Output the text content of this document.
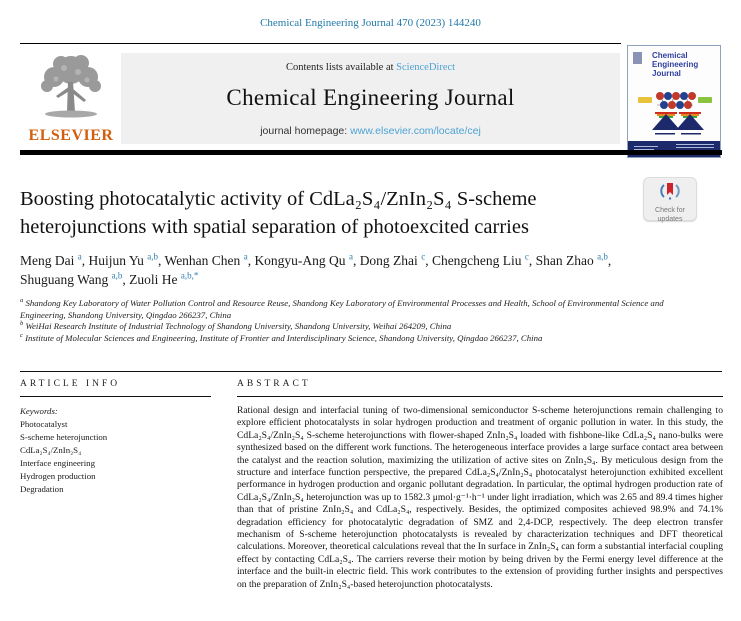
Chemical Engineering Journal 470 (2023) 144240
ELSEVIER
Contents lists available at ScienceDirect
Chemical Engineering Journal
journal homepage: www.elsevier.com/locate/cej
Chemical Engineering Journal
Check for
updates
Boosting photocatalytic activity of CdLa₂S₄/ZnIn₂S₄ S-scheme heterojunctions with spatial separation of photoexcited carries
Meng Dai $^a$, Huijun Yu $^{a,b}$, Wenhan Chen $^a$, Kongyu-Ang Qu $^a$, Dong Zhai $^c$, Chengcheng Liu $^c$, Shan Zhao $^{a,b}$, Shuguang Wang $^{a,b}$, Zuoli He $^{a,b,*}$
$^a$ Shandong Key Laboratory of Water Pollution Control and Resource Reuse, Shandong Key Laboratory of Environmental Processes and Health, School of Environmental Science and Engineering, Shandong University, Qingdao 266237, China
$^b$ WeiHai Research Institute of Industrial Technology of Shandong University, Shandong University, Weihai 264209, China
$^c$ Institute of Molecular Sciences and Engineering, Institute of Frontier and Interdisciplinary Science, Shandong University, Qingdao 266237, China
ARTICLE INFO
Keywords:
Photocatalyst
S-scheme heterojunction
CdLa₂S₄/ZnIn₂S₄
Interface engineering
Hydrogen production
Degradation
ABSTRACT
Rational design and interfacial tuning of two-dimensional semiconductor S-scheme heterojunctions remain challenging to explore efficient photocatalysts in solar hydrogen production and treatment of organic pollution in water. In this study, the CdLa₂S₄/ZnIn₂S₄ S-scheme heterojunctions with flower-shaped ZnIn₂S₄ loaded with fishbone-like CdLa₂S₄ nano-bulks were synthesized based on the different work functions. The heterogeneous interface provides a large surface contact area between the catalyst and the reaction solution, maximizing the utilization of active sites on ZnIn₂S₄. By meticulous design from the structure and interface function perspective, the prepared CdLa₂S₄/ZnIn₂S₄ photocatalyst heterojunction exhibited excellent performance in hydrogen production and organic pollutant degradation. In particular, the optimal hydrogen production rate of CdLa₂S₄/ZnIn₂S₄ heterojunction was up to 1582.3 μmol·g⁻¹·h⁻¹ under light irradiation, which was 2.65 and 89.4 times higher than that of pristine ZnIn₂S₄ and CdLa₂S₄, respectively. Besides, the optimized composites achieved 98.9% and 74.1% degradation efficiency for photocatalytic degradation of SMZ and 2,4-DCP, respectively. The deep electron transfer mechanism of S-scheme heterojunction photocatalysts is revealed by characterization techniques and DFT theoretical calculations. Moreover, theoretical calculations reveal that the In surface in ZnIn₂S₄ can form a substantial interfacial coupling effect by contacting CdLa₂S₄. The carriers reverse their motion by being driven by the Fermi energy level difference at the interface and the built-in electric field. This work contributes to the extension of providing further insights and perspectives on the preparation of ZnIn₂S₄-based heterojunction photocatalysts.
